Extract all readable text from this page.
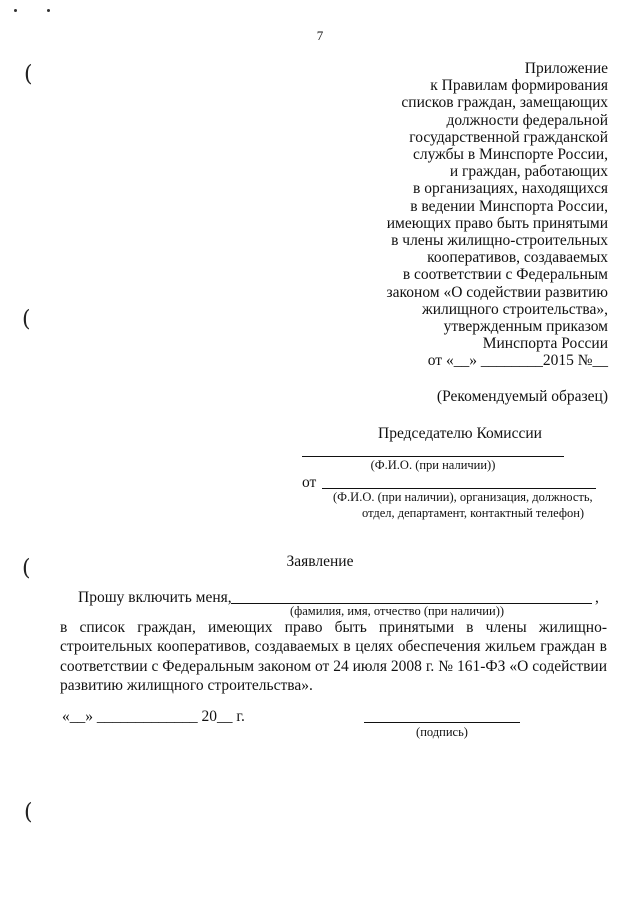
(
(
(
(
7
Приложение
к Правилам формирования
списков граждан, замещающих
должности федеральной
государственной гражданской
службы в Минспорте России,
и граждан, работающих
в организациях, находящихся
в ведении Минспорта России,
имеющих право быть принятыми
в члены жилищно-строительных
кооперативов, создаваемых
в соответствии с Федеральным
законом «О содействии развитию
жилищного строительства»,
утвержденным приказом
Минспорта России
от «__» ________2015 №__
(Рекомендуемый образец)
Председателю Комиссии
(Ф.И.О. (при наличии))
от
(Ф.И.О. (при наличии), организация, должность,
отдел, департамент, контактный телефон)
Заявление
Прошу включить меня,	,
(фамилия, имя, отчество (при наличии))
в список граждан, имеющих право быть принятыми в члены жилищно-
строительных кооперативов, создаваемых в целях обеспечения жильем граждан в
соответствии с Федеральным законом от 24 июля 2008 г. № 161-ФЗ «О содействии
развитию жилищного строительства».
«__» _____________ 20__ г.
(подпись)
